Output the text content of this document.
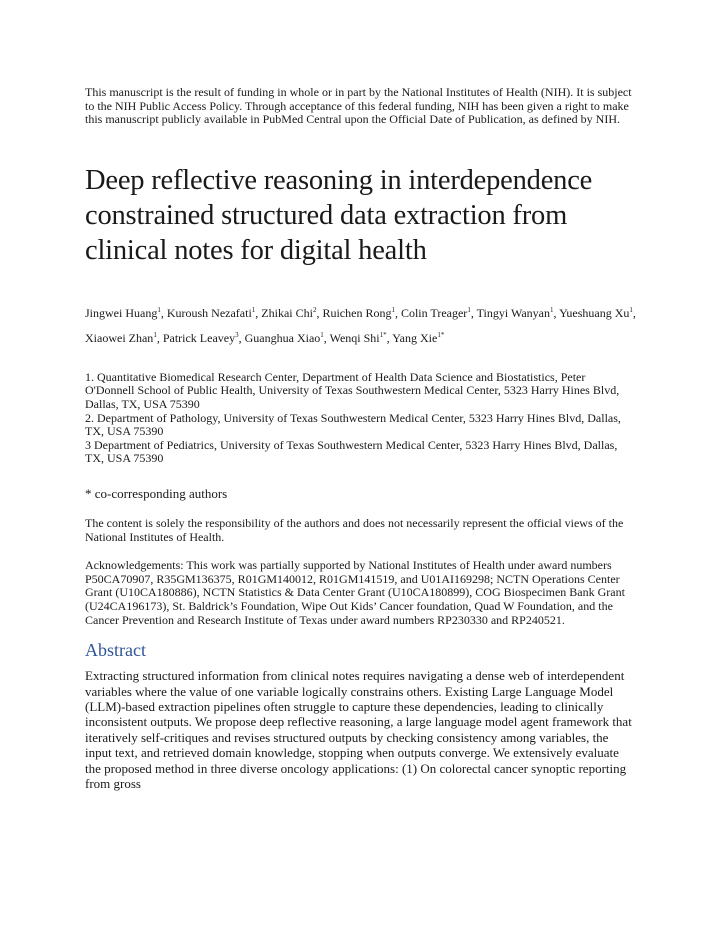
This manuscript is the result of funding in whole or in part by the National Institutes of Health (NIH). It is subject to the NIH Public Access Policy. Through acceptance of this federal funding, NIH has been given a right to make this manuscript publicly available in PubMed Central upon the Official Date of Publication, as defined by NIH.

Deep reflective reasoning in interdependence constrained structured data extraction from clinical notes for digital health

Jingwei Huang$^1$, Kuroush Nezafati$^1$, Zhikai Chi$^2$, Ruichen Rong$^1$, Colin Treager$^1$, Tingyi Wanyan$^1$, Yueshuang Xu$^1$, Xiaowei Zhan$^1$, Patrick Leavey$^3$, Guanghua Xiao$^1$, Wenqi Shi$^{1*}$, Yang Xie$^{1*}$

1. Quantitative Biomedical Research Center, Department of Health Data Science and Biostatistics, Peter O'Donnell School of Public Health, University of Texas Southwestern Medical Center, 5323 Harry Hines Blvd, Dallas, TX, USA 75390

2. Department of Pathology, University of Texas Southwestern Medical Center, 5323 Harry Hines Blvd, Dallas, TX, USA 75390

3 Department of Pediatrics, University of Texas Southwestern Medical Center, 5323 Harry Hines Blvd, Dallas, TX, USA 75390

* co-corresponding authors

The content is solely the responsibility of the authors and does not necessarily represent the official views of the National Institutes of Health.

Acknowledgements: This work was partially supported by National Institutes of Health under award numbers P50CA70907, R35GM136375, R01GM140012, R01GM141519, and U01AI169298; NCTN Operations Center Grant (U10CA180886), NCTN Statistics & Data Center Grant (U10CA180899), COG Biospecimen Bank Grant (U24CA196173), St. Baldrick’s Foundation, Wipe Out Kids’ Cancer foundation, Quad W Foundation, and the Cancer Prevention and Research Institute of Texas under award numbers RP230330 and RP240521.

Abstract

Extracting structured information from clinical notes requires navigating a dense web of interdependent variables where the value of one variable logically constrains others. Existing Large Language Model (LLM)-based extraction pipelines often struggle to capture these dependencies, leading to clinically inconsistent outputs. We propose deep reflective reasoning, a large language model agent framework that iteratively self-critiques and revises structured outputs by checking consistency among variables, the input text, and retrieved domain knowledge, stopping when outputs converge. We extensively evaluate the proposed method in three diverse oncology applications: (1) On colorectal cancer synoptic reporting from gross
